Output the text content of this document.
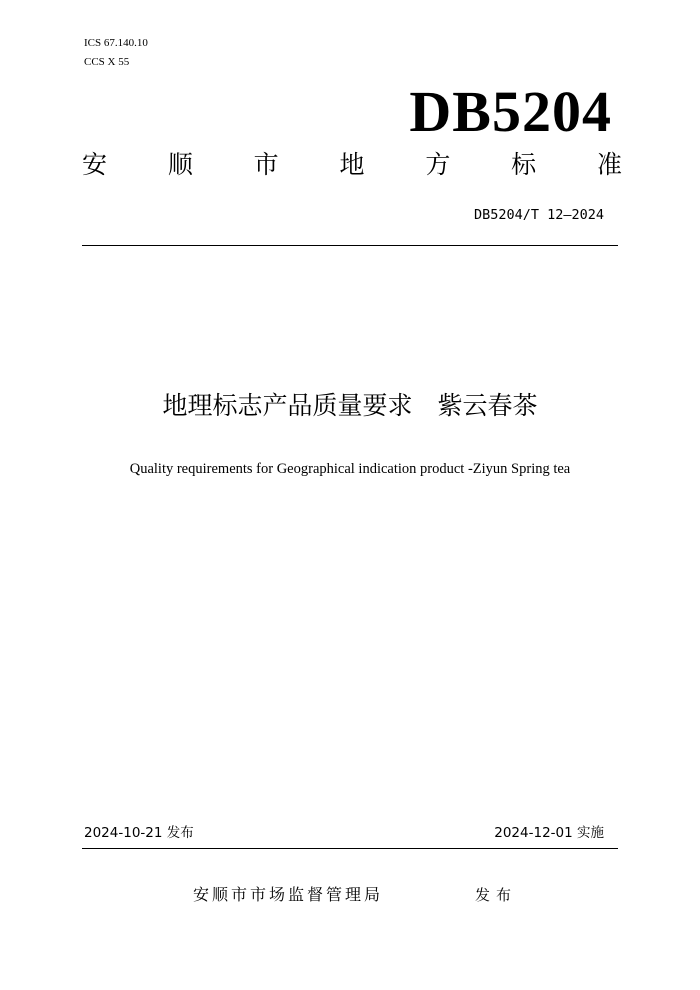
ICS 67.140.10
CCS X 55
DB5204
安 顺 市 地 方 标 准
DB5204/T 12—2024
地理标志产品质量要求　紫云春茶
Quality requirements for Geographical indication product -Ziyun Spring tea
2024-10-21 发布	2024-12-01 实施
安顺市市场监督管理局	发布
